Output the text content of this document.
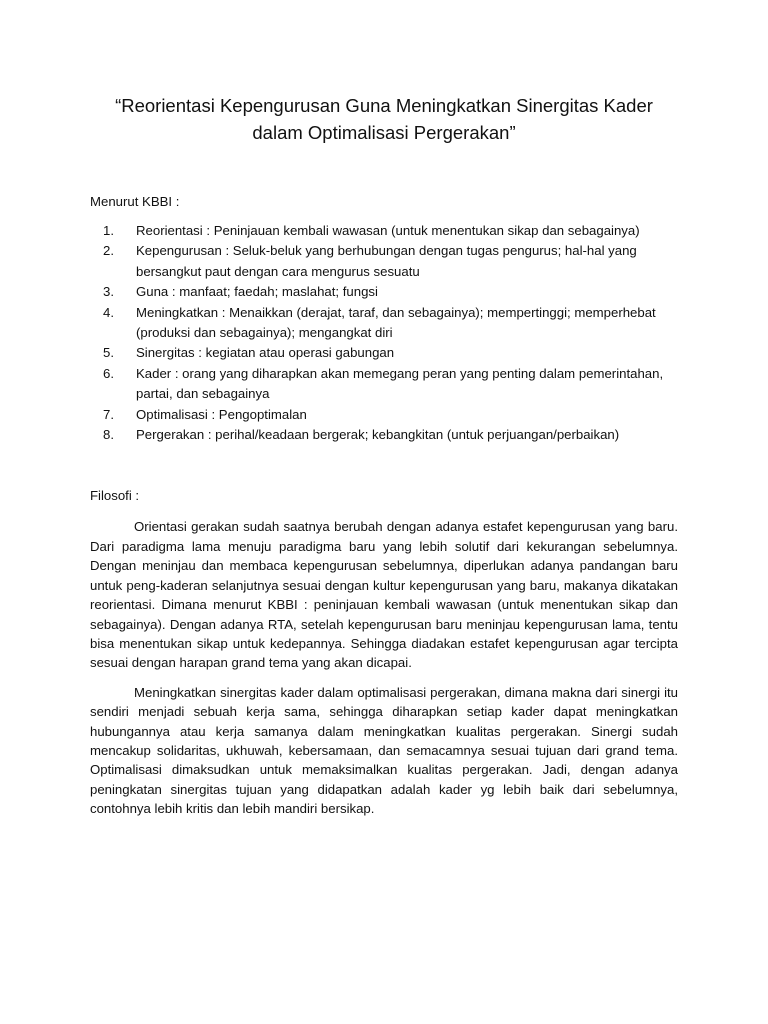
“Reorientasi Kepengurusan Guna Meningkatkan Sinergitas Kader
dalam Optimalisasi Pergerakan”

Menurut KBBI :

1.	Reorientasi : Peninjauan kembali wawasan (untuk menentukan sikap dan sebagainya)
2.	Kepengurusan : Seluk-beluk yang berhubungan dengan tugas pengurus; hal-hal yang bersangkut paut dengan cara mengurus sesuatu
3.	Guna : manfaat; faedah; maslahat; fungsi
4.	Meningkatkan : Menaikkan (derajat, taraf, dan sebagainya); mempertinggi; memperhebat (produksi dan sebagainya); mengangkat diri
5.	Sinergitas : kegiatan atau operasi gabungan
6.	Kader : orang yang diharapkan akan memegang peran yang penting dalam pemerintahan, partai, dan sebagainya
7.	Optimalisasi : Pengoptimalan
8.	Pergerakan : perihal/keadaan bergerak; kebangkitan (untuk perjuangan/perbaikan)

Filosofi :

Orientasi gerakan sudah saatnya berubah dengan adanya estafet kepengurusan yang baru. Dari paradigma lama menuju paradigma baru yang lebih solutif dari kekurangan sebelumnya. Dengan meninjau dan membaca kepengurusan sebelumnya, diperlukan adanya pandangan baru untuk peng-kaderan selanjutnya sesuai dengan kultur kepengurusan yang baru, makanya dikatakan reorientasi. Dimana menurut KBBI : peninjauan kembali wawasan (untuk menentukan sikap dan sebagainya). Dengan adanya RTA, setelah kepengurusan baru meninjau kepengurusan lama, tentu bisa menentukan sikap untuk kedepannya. Sehingga diadakan estafet kepengurusan agar tercipta sesuai dengan harapan grand tema yang akan dicapai.

Meningkatkan sinergitas kader dalam optimalisasi pergerakan, dimana makna dari sinergi itu sendiri menjadi sebuah kerja sama, sehingga diharapkan setiap kader dapat meningkatkan hubungannya atau kerja samanya dalam meningkatkan kualitas pergerakan. Sinergi sudah mencakup solidaritas, ukhuwah, kebersamaan, dan semacamnya sesuai tujuan dari grand tema. Optimalisasi dimaksudkan untuk memaksimalkan kualitas pergerakan. Jadi, dengan adanya peningkatan sinergitas tujuan yang didapatkan adalah kader yg lebih baik dari sebelumnya, contohnya lebih kritis dan lebih mandiri bersikap.
